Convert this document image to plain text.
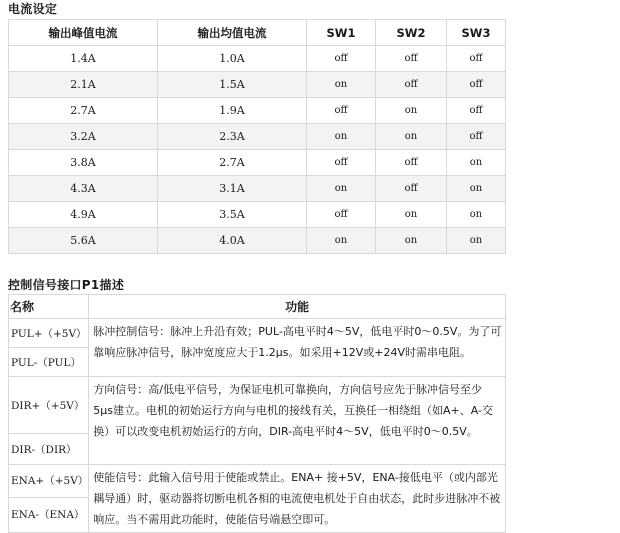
电流设定
输出峰值电流	输出均值电流	SW1	SW2	SW3
1.4A	1.0A	off	off	off
2.1A	1.5A	on	off	off
2.7A	1.9A	off	on	off
3.2A	2.3A	on	on	off
3.8A	2.7A	off	off	on
4.3A	3.1A	on	off	on
4.9A	3.5A	off	on	on
5.6A	4.0A	on	on	on
控制信号接口P1描述
名称	功能
PUL+（+5V）	脉冲控制信号：脉冲上升沿有效；PUL-高电平时4～5V，低电平时0～0.5V。为了可靠响应脉冲信号，脉冲宽度应大于1.2μs。如采用+12V或+24V时需串电阻。
PUL-（PUL）	
DIR+（+5V）	方向信号：高/低电平信号，为保证电机可靠换向，方向信号应先于脉冲信号至少 5μs建立。电机的初始运行方向与电机的接线有关，互换任一相绕组（如A+、A-交换）可以改变电机初始运行的方向，DIR-高电平时4～5V，低电平时0～0.5V。
DIR-（DIR）	
ENA+（+5V）	使能信号：此输入信号用于使能或禁止。ENA+ 接+5V，ENA-接低电平（或内部光耦导通）时，驱动器将切断电机各相的电流使电机处于自由状态，此时步进脉冲不被响应。当不需用此功能时，使能信号端悬空即可。
ENA-（ENA）	
